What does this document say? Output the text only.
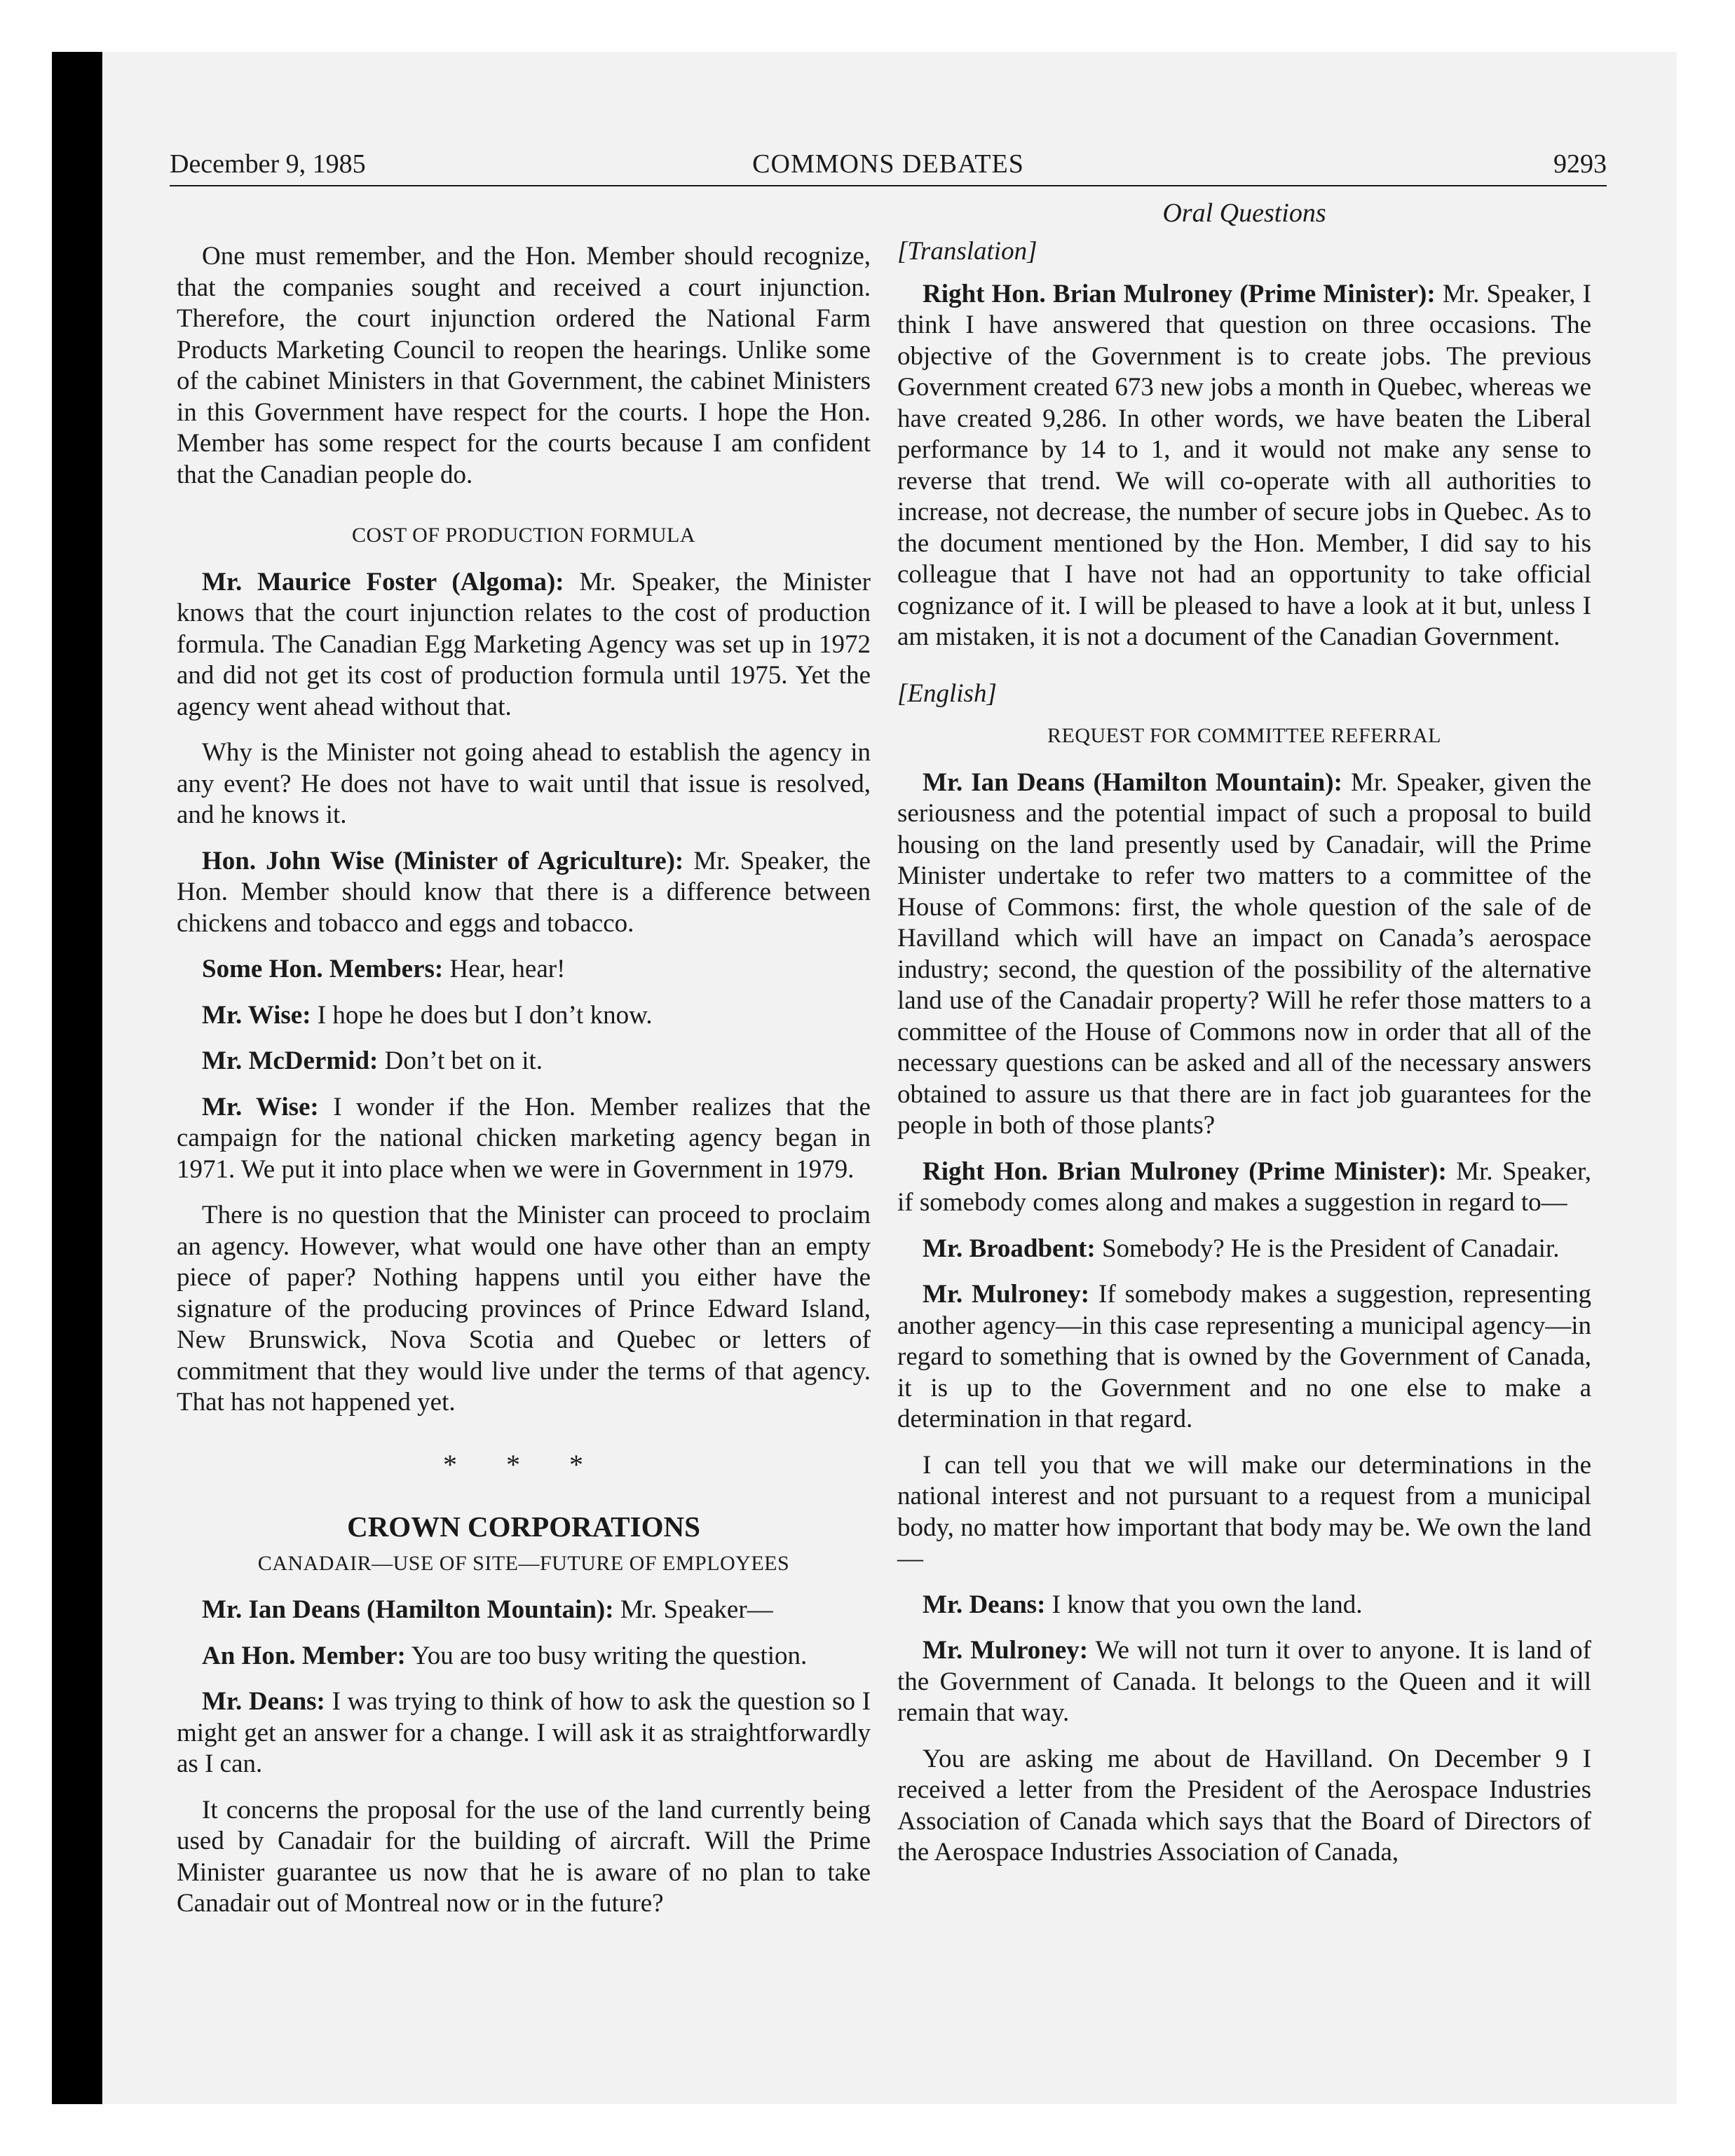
December 9, 1985	COMMONS DEBATES	9293
Oral Questions

One must remember, and the Hon. Member should recognize, that the companies sought and received a court injunction. Therefore, the court injunction ordered the National Farm Products Marketing Council to reopen the hearings. Unlike some of the cabinet Ministers in that Government, the cabinet Ministers in this Government have respect for the courts. I hope the Hon. Member has some respect for the courts because I am confident that the Canadian people do.

COST OF PRODUCTION FORMULA

Mr. Maurice Foster (Algoma): Mr. Speaker, the Minister knows that the court injunction relates to the cost of production formula. The Canadian Egg Marketing Agency was set up in 1972 and did not get its cost of production formula until 1975. Yet the agency went ahead without that.

Why is the Minister not going ahead to establish the agency in any event? He does not have to wait until that issue is resolved, and he knows it.

Hon. John Wise (Minister of Agriculture): Mr. Speaker, the Hon. Member should know that there is a difference between chickens and tobacco and eggs and tobacco.

Some Hon. Members: Hear, hear!

Mr. Wise: I hope he does but I don’t know.

Mr. McDermid: Don’t bet on it.

Mr. Wise: I wonder if the Hon. Member realizes that the campaign for the national chicken marketing agency began in 1971. We put it into place when we were in Government in 1979.

There is no question that the Minister can proceed to proclaim an agency. However, what would one have other than an empty piece of paper? Nothing happens until you either have the signature of the producing provinces of Prince Edward Island, New Brunswick, Nova Scotia and Quebec or letters of commitment that they would live under the terms of that agency. That has not happened yet.

* * *
CROWN CORPORATIONS
CANADAIR—USE OF SITE—FUTURE OF EMPLOYEES

Mr. Ian Deans (Hamilton Mountain): Mr. Speaker—

An Hon. Member: You are too busy writing the question.

Mr. Deans: I was trying to think of how to ask the question so I might get an answer for a change. I will ask it as straightforwardly as I can.

It concerns the proposal for the use of the land currently being used by Canadair for the building of aircraft. Will the Prime Minister guarantee us now that he is aware of no plan to take Canadair out of Montreal now or in the future?

[Translation]

Right Hon. Brian Mulroney (Prime Minister): Mr. Speaker, I think I have answered that question on three occasions. The objective of the Government is to create jobs. The previous Government created 673 new jobs a month in Quebec, whereas we have created 9,286. In other words, we have beaten the Liberal performance by 14 to 1, and it would not make any sense to reverse that trend. We will co-operate with all authorities to increase, not decrease, the number of secure jobs in Quebec. As to the document mentioned by the Hon. Member, I did say to his colleague that I have not had an opportunity to take official cognizance of it. I will be pleased to have a look at it but, unless I am mistaken, it is not a document of the Canadian Government.

[English]
REQUEST FOR COMMITTEE REFERRAL

Mr. Ian Deans (Hamilton Mountain): Mr. Speaker, given the seriousness and the potential impact of such a proposal to build housing on the land presently used by Canadair, will the Prime Minister undertake to refer two matters to a committee of the House of Commons: first, the whole question of the sale of de Havilland which will have an impact on Canada’s aerospace industry; second, the question of the possibility of the alternative land use of the Canadair property? Will he refer those matters to a committee of the House of Commons now in order that all of the necessary questions can be asked and all of the necessary answers obtained to assure us that there are in fact job guarantees for the people in both of those plants?

Right Hon. Brian Mulroney (Prime Minister): Mr. Speaker, if somebody comes along and makes a suggestion in regard to—

Mr. Broadbent: Somebody? He is the President of Canadair.

Mr. Mulroney: If somebody makes a suggestion, representing another agency—in this case representing a municipal agency—in regard to something that is owned by the Government of Canada, it is up to the Government and no one else to make a determination in that regard.

I can tell you that we will make our determinations in the national interest and not pursuant to a request from a municipal body, no matter how important that body may be. We own the land—

Mr. Deans: I know that you own the land.

Mr. Mulroney: We will not turn it over to anyone. It is land of the Government of Canada. It belongs to the Queen and it will remain that way.

You are asking me about de Havilland. On December 9 I received a letter from the President of the Aerospace Industries Association of Canada which says that the Board of Directors of the Aerospace Industries Association of Canada,
